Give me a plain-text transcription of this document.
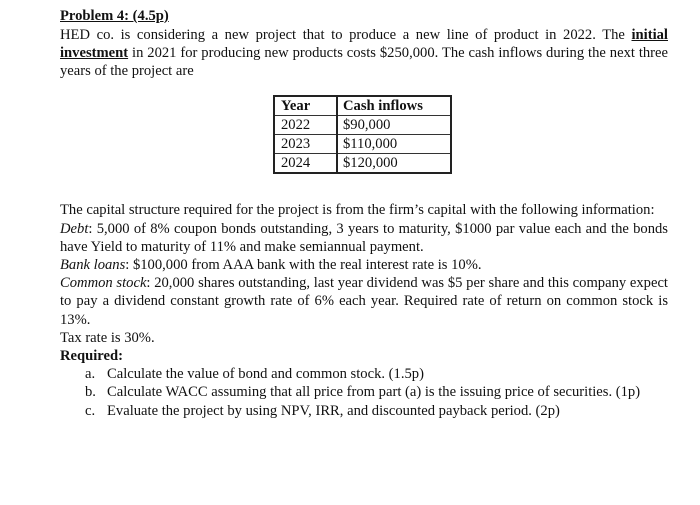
Problem 4: (4.5p)

HED co. is considering a new project that to produce a new line of product in 2022. The initial investment in 2021 for producing new products costs $250,000. The cash inflows during the next three years of the project are

Year	Cash inflows
2022	$90,000
2023	$110,000
2024	$120,000

The capital structure required for the project is from the firm’s capital with the following information:

Debt: 5,000 of 8% coupon bonds outstanding, 3 years to maturity, $1000 par value each and the bonds have Yield to maturity of 11% and make semiannual payment.

Bank loans: $100,000 from AAA bank with the real interest rate is 10%.

Common stock: 20,000 shares outstanding, last year dividend was $5 per share and this company expect to pay a dividend constant growth rate of 6% each year. Required rate of return on common stock is 13%.

Tax rate is 30%.

Required:

a. Calculate the value of bond and common stock. (1.5p)
b. Calculate WACC assuming that all price from part (a) is the issuing price of securities. (1p)
c. Evaluate the project by using NPV, IRR, and discounted payback period. (2p)
